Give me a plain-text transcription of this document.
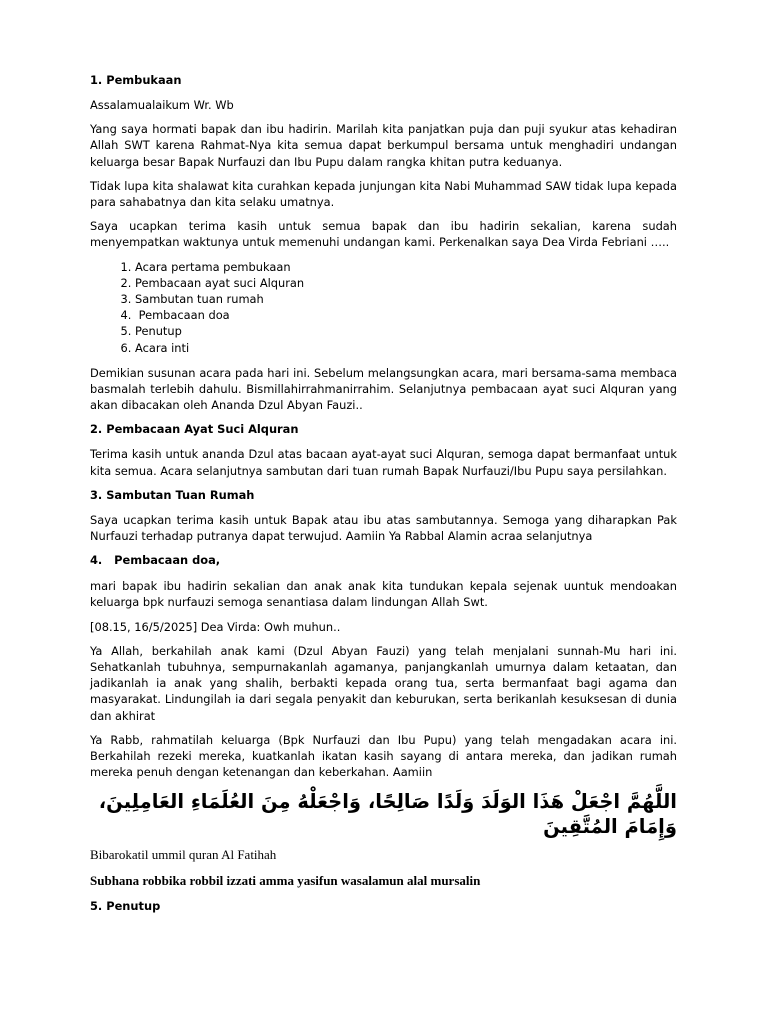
1. Pembukaan

Assalamualaikum Wr. Wb

Yang saya hormati bapak dan ibu hadirin. Marilah kita panjatkan puja dan puji syukur atas kehadiran Allah SWT karena Rahmat-Nya kita semua dapat berkumpul bersama untuk menghadiri undangan keluarga besar Bapak Nurfauzi dan Ibu Pupu dalam rangka khitan putra keduanya.

Tidak lupa kita shalawat kita curahkan kepada junjungan kita Nabi Muhammad SAW tidak lupa kepada para sahabatnya dan kita selaku umatnya.

Saya ucapkan terima kasih untuk semua bapak dan ibu hadirin sekalian, karena sudah menyempatkan waktunya untuk memenuhi undangan kami. Perkenalkan saya Dea Virda Febriani …..

1. Acara pertama pembukaan
2. Pembacaan ayat suci Alquran
3. Sambutan tuan rumah
4.  Pembacaan doa
5. Penutup
6. Acara inti

Demikian susunan acara pada hari ini. Sebelum melangsungkan acara, mari bersama-sama membaca basmalah terlebih dahulu. Bismillahirrahmanirrahim. Selanjutnya pembacaan ayat suci Alquran yang akan dibacakan oleh Ananda Dzul Abyan Fauzi..

2. Pembacaan Ayat Suci Alquran

Terima kasih untuk ananda Dzul atas bacaan ayat-ayat suci Alquran, semoga dapat bermanfaat untuk kita semua. Acara selanjutnya sambutan dari tuan rumah Bapak Nurfauzi/Ibu Pupu saya persilahkan.

3. Sambutan Tuan Rumah

Saya ucapkan terima kasih untuk Bapak atau ibu atas sambutannya. Semoga yang diharapkan Pak Nurfauzi terhadap putranya dapat terwujud. Aamiin Ya Rabbal Alamin acraa selanjutnya

4.   Pembacaan doa,

mari bapak ibu hadirin sekalian dan anak anak kita tundukan kepala sejenak uuntuk mendoakan keluarga bpk nurfauzi semoga senantiasa dalam lindungan Allah Swt.

[08.15, 16/5/2025] Dea Virda: Owh muhun..

Ya Allah, berkahilah anak kami (Dzul Abyan Fauzi) yang telah menjalani sunnah-Mu hari ini. Sehatkanlah tubuhnya, sempurnakanlah agamanya, panjangkanlah umurnya dalam ketaatan, dan jadikanlah ia anak yang shalih, berbakti kepada orang tua, serta bermanfaat bagi agama dan masyarakat. Lindungilah ia dari segala penyakit dan keburukan, serta berikanlah kesuksesan di dunia dan akhirat

Ya Rabb, rahmatilah keluarga (Bpk Nurfauzi dan Ibu Pupu) yang telah mengadakan acara ini. Berkahilah rezeki mereka, kuatkanlah ikatan kasih sayang di antara mereka, dan jadikan rumah mereka penuh dengan ketenangan dan keberkahan. Aamiin

اللَّهُمَّ اجْعَلْ هَذَا الوَلَدَ وَلَدًا صَالِحًا، وَاجْعَلْهُ مِنَ العُلَمَاءِ العَامِلِينَ، وَإِمَامَ المُتَّقِينَ

Bibarokatil ummil quran Al Fatihah

Subhana robbika robbil izzati amma yasifun wasalamun alal mursalin

5. Penutup
